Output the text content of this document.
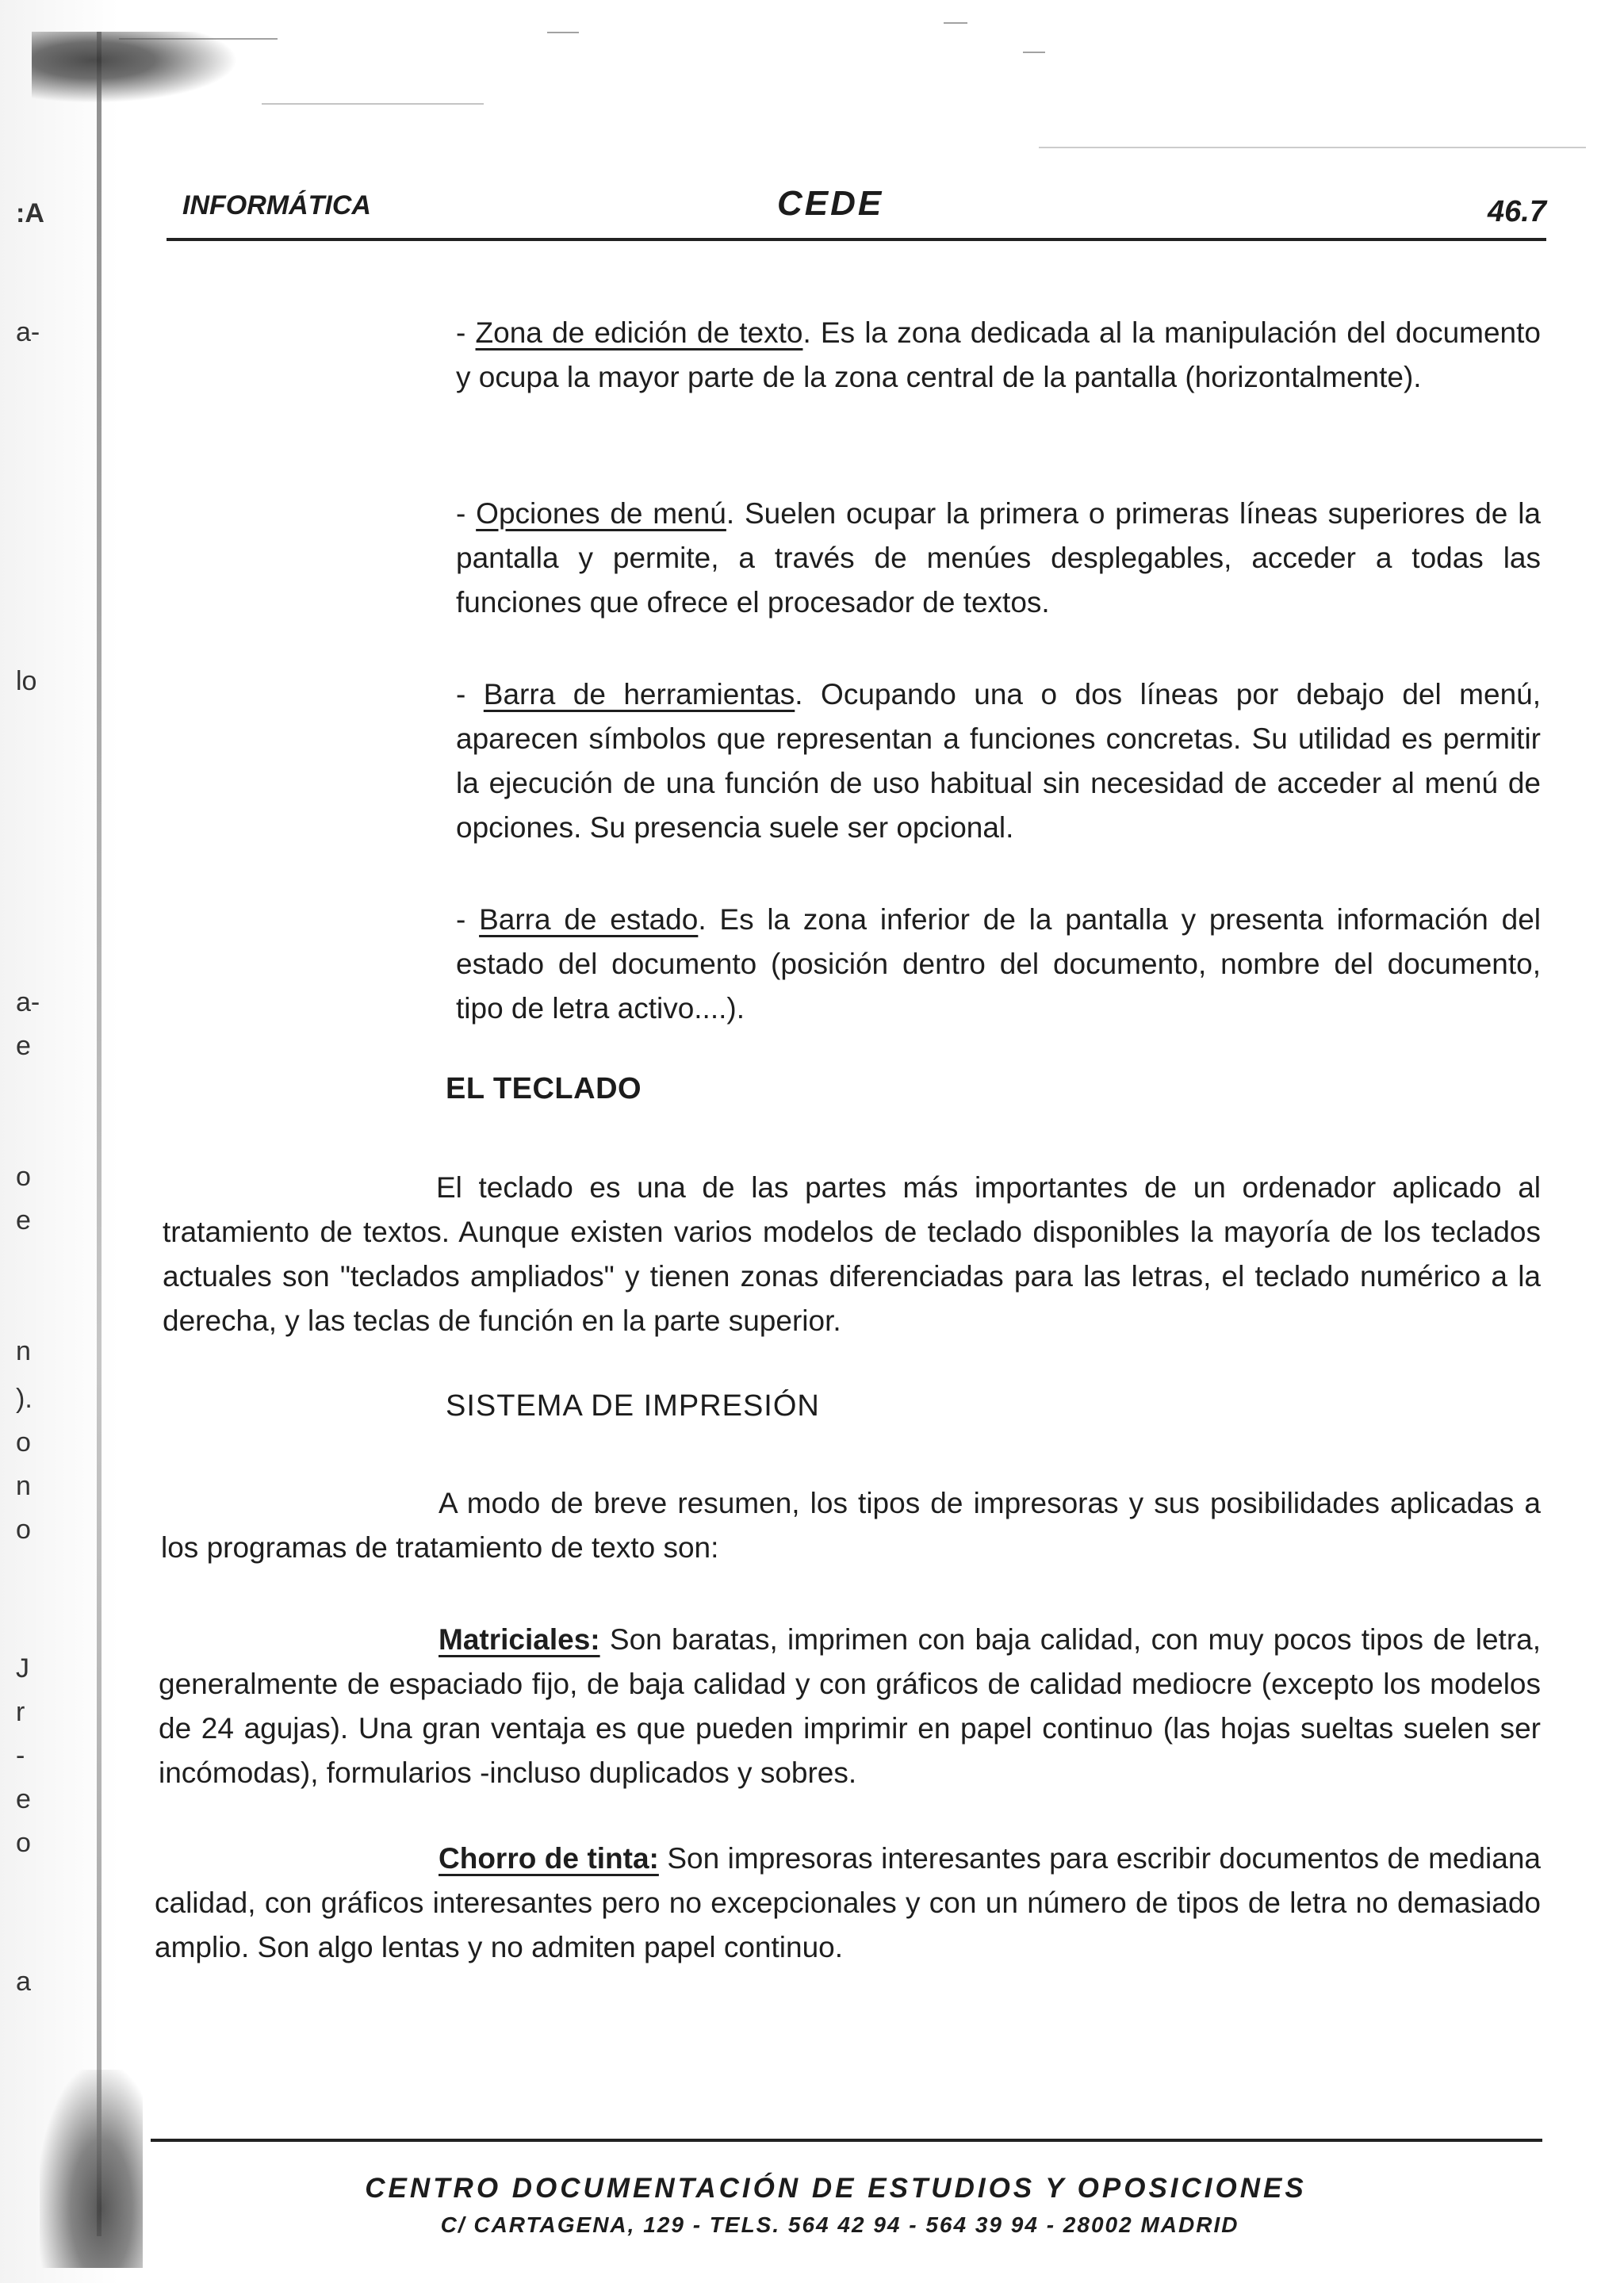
:A
a-
lo
a-
e
o
e
n
).
o
n
o
J
r
-
e
o
a
INFORMÁTICA	CEDE	46.7
- Zona de edición de texto. Es la zona dedicada al la manipulación del documento y ocupa la mayor parte de la zona central de la pantalla (horizontalmente).
- Opciones de menú. Suelen ocupar la primera o primeras líneas superiores de la pantalla y permite, a través de menúes desplegables, acceder a todas las funciones que ofrece el procesador de textos.
- Barra de herramientas. Ocupando una o dos líneas por debajo del menú, aparecen símbolos que representan a funciones concretas. Su utilidad es permitir la ejecución de una función de uso habitual sin necesidad de acceder al menú de opciones. Su presencia suele ser opcional.
- Barra de estado. Es la zona inferior de la pantalla y presenta información del estado del documento (posición dentro del documento, nombre del documento, tipo de letra activo....).
EL TECLADO
El teclado es una de las partes más importantes de un ordenador aplicado al tratamiento de textos. Aunque existen varios modelos de teclado disponibles la mayoría de los teclados actuales son "teclados ampliados" y tienen zonas diferenciadas para las letras, el teclado numérico a la derecha, y las teclas de función en la parte superior.
SISTEMA DE IMPRESIÓN
A modo de breve resumen, los tipos de impresoras y sus posibilidades aplicadas a los programas de tratamiento de texto son:
Matriciales: Son baratas, imprimen con baja calidad, con muy pocos tipos de letra, generalmente de espaciado fijo, de baja calidad y con gráficos de calidad mediocre (excepto los modelos de 24 agujas). Una gran ventaja es que pueden imprimir en papel continuo (las hojas sueltas suelen ser incómodas), formularios -incluso duplicados y sobres.
Chorro de tinta: Son impresoras interesantes para escribir documentos de mediana calidad, con gráficos interesantes pero no excepcionales y con un número de tipos de letra no demasiado amplio. Son algo lentas y no admiten papel continuo.
CENTRO DOCUMENTACIÓN DE ESTUDIOS Y OPOSICIONES
C/ CARTAGENA, 129 - TELS. 564 42 94 - 564 39 94 - 28002 MADRID
